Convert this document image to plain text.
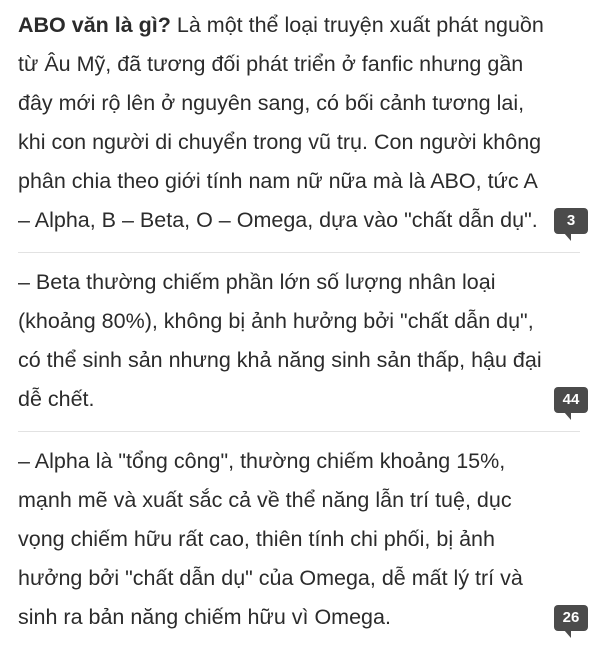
ABO văn là gì? Là một thể loại truyện xuất phát nguồn từ Âu Mỹ, đã tương đối phát triển ở fanfic nhưng gần đây mới rộ lên ở nguyên sang, có bối cảnh tương lai, khi con người di chuyển trong vũ trụ. Con người không phân chia theo giới tính nam nữ nữa mà là ABO, tức A – Alpha, B – Beta, O – Omega, dựa vào "chất dẫn dụ".	3

– Beta thường chiếm phần lớn số lượng nhân loại (khoảng 80%), không bị ảnh hưởng bởi "chất dẫn dụ", có thể sinh sản nhưng khả năng sinh sản thấp, hậu đại dễ chết.	44

– Alpha là "tổng công", thường chiếm khoảng 15%, mạnh mẽ và xuất sắc cả về thể năng lẫn trí tuệ, dục vọng chiếm hữu rất cao, thiên tính chi phối, bị ảnh hưởng bởi "chất dẫn dụ" của Omega, dễ mất lý trí và sinh ra bản năng chiếm hữu vì Omega.	26
